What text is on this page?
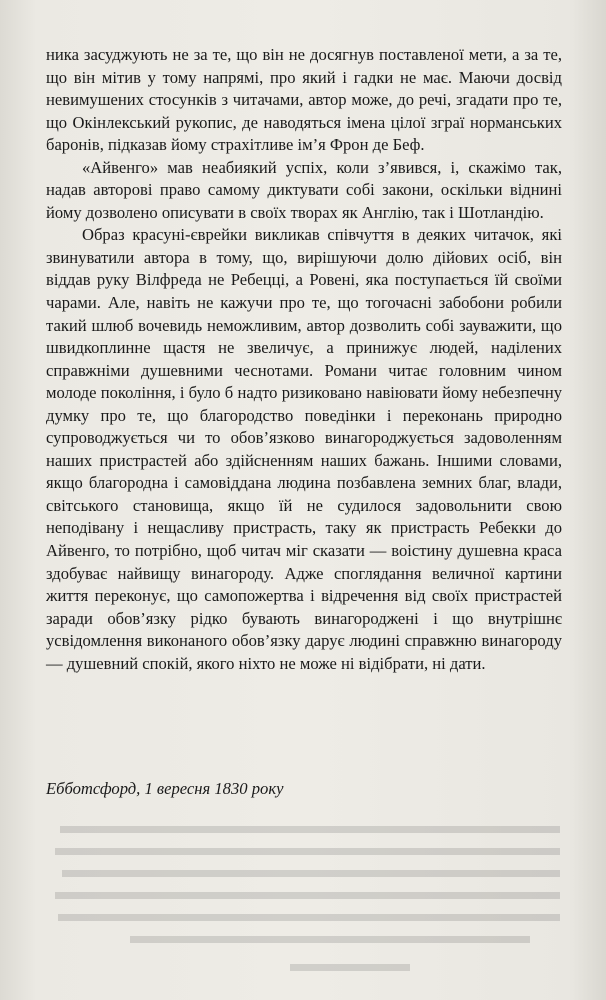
ника засуджують не за те, що він не досягнув поставленої мети, а за те, що він мітив у тому напрямі, про який і гадки не має. Маючи досвід невимушених стосунків з читачами, автор може, до речі, згадати про те, що Окінлекський рукопис, де наводяться імена цілої зграї норманських баронів, підказав йому страхітливе ім’я Фрон де Беф.

«Айвенго» мав неабиякий успіх, коли з’явився, і, скажімо так, надав авторові право самому диктувати собі закони, оскільки віднині йому дозволено описувати в своїх творах як Англію, так і Шотландію.

Образ красуні-єврейки викликав співчуття в деяких читачок, які звинуватили автора в тому, що, вирішуючи долю дійових осіб, він віддав руку Вілфреда не Ребецці, а Ровені, яка поступається їй своїми чарами. Але, навіть не кажучи про те, що тогочасні забобони робили такий шлюб вочевидь неможливим, автор дозволить собі зауважити, що швидкоплинне щастя не звеличує, а принижує людей, наділених справжніми душевними чеснотами. Романи читає головним чином молоде покоління, і було б надто ризиковано навіювати йому небезпечну думку про те, що благородство поведінки і переконань природно супроводжується чи то обов’язково винагороджується задоволенням наших пристрастей або здійсненням наших бажань. Іншими словами, якщо благородна і самовіддана людина позбавлена земних благ, влади, світського становища, якщо їй не судилося задовольнити свою неподівану і нещасливу пристрасть, таку як пристрасть Ребекки до Айвенго, то потрібно, щоб читач міг сказати — воістину душевна краса здобуває найвищу винагороду. Адже споглядання величної картини життя переконує, що самопожертва і відречення від своїх пристрастей заради обов’язку рідко бувають винагороджені і що внутрішнє усвідомлення виконаного обов’язку дарує людині справжню винагороду — душевний спокій, якого ніхто не може ні відібрати, ні дати.

Ебботсфорд, 1 вересня 1830 року
